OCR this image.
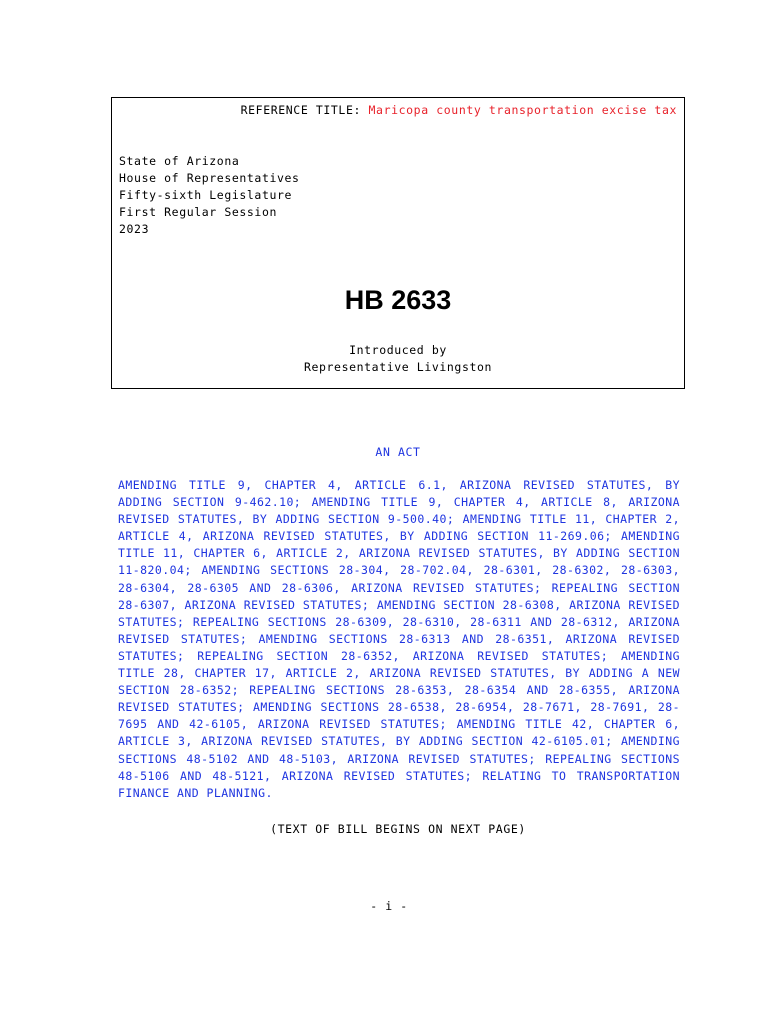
REFERENCE TITLE: Maricopa county transportation excise tax
State of Arizona
House of Representatives
Fifty-sixth Legislature
First Regular Session
2023
HB 2633
Introduced by
Representative Livingston
AN ACT
AMENDING TITLE 9, CHAPTER 4, ARTICLE 6.1, ARIZONA REVISED STATUTES, BY ADDING SECTION 9-462.10; AMENDING TITLE 9, CHAPTER 4, ARTICLE 8, ARIZONA REVISED STATUTES, BY ADDING SECTION 9-500.40; AMENDING TITLE 11, CHAPTER 2, ARTICLE 4, ARIZONA REVISED STATUTES, BY ADDING SECTION 11-269.06; AMENDING TITLE 11, CHAPTER 6, ARTICLE 2, ARIZONA REVISED STATUTES, BY ADDING SECTION 11-820.04; AMENDING SECTIONS 28-304, 28-702.04, 28-6301, 28-6302, 28-6303, 28-6304, 28-6305 AND 28-6306, ARIZONA REVISED STATUTES; REPEALING SECTION 28-6307, ARIZONA REVISED STATUTES; AMENDING SECTION 28-6308, ARIZONA REVISED STATUTES; REPEALING SECTIONS 28-6309, 28-6310, 28-6311 AND 28-6312, ARIZONA REVISED STATUTES; AMENDING SECTIONS 28-6313 AND 28-6351, ARIZONA REVISED STATUTES; REPEALING SECTION 28-6352, ARIZONA REVISED STATUTES; AMENDING TITLE 28, CHAPTER 17, ARTICLE 2, ARIZONA REVISED STATUTES, BY ADDING A NEW SECTION 28-6352; REPEALING SECTIONS 28-6353, 28-6354 AND 28-6355, ARIZONA REVISED STATUTES; AMENDING SECTIONS 28-6538, 28-6954, 28-7671, 28-7691, 28-7695 AND 42-6105, ARIZONA REVISED STATUTES; AMENDING TITLE 42, CHAPTER 6, ARTICLE 3, ARIZONA REVISED STATUTES, BY ADDING SECTION 42-6105.01; AMENDING SECTIONS 48-5102 AND 48-5103, ARIZONA REVISED STATUTES; REPEALING SECTIONS 48-5106 AND 48-5121, ARIZONA REVISED STATUTES; RELATING TO TRANSPORTATION FINANCE AND PLANNING.
(TEXT OF BILL BEGINS ON NEXT PAGE)
- i -
